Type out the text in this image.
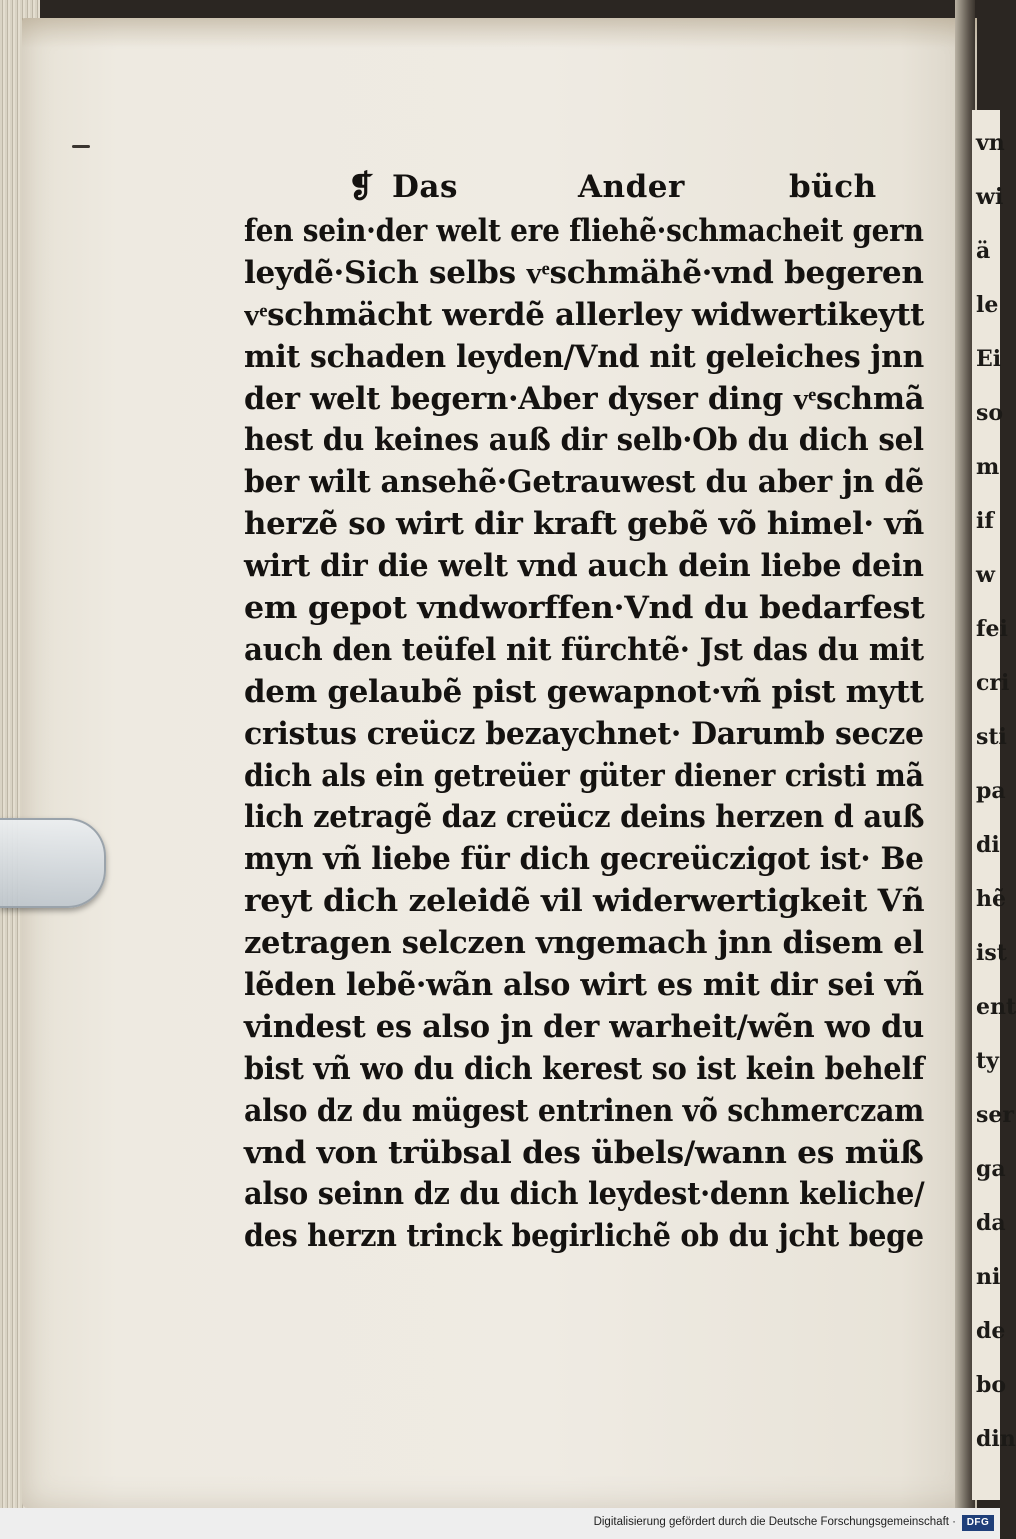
vn
wi
ä
le
Ei
so
m
if
w
fei
cri
sti
pa
di
hẽ
ist
ent
ty
ser
ga
da
ni
de
bo
din
❡ Das	Ander	büch
fen sein·der welt ere fliehẽ·schmacheit gern
leydẽ·Sich selbs vͤschmähẽ·vnd begeren
vͤschmächt werdẽ allerley widwertikeytt
mit schaden leyden/Vnd nit geleiches jnn
der welt begern·Aber dyser ding vͤschmã
hest du keines auß dir selb·Ob du dich sel
ber wilt ansehẽ·Getrauwest du aber jn dẽ
herzẽ so wirt dir kraft gebẽ võ himel· vñ
wirt dir die welt vnd auch dein liebe dein
em gepot vndworffen·Vnd du bedarfest
auch den teüfel nit fürchtẽ· Jst das du mit
dem gelaubẽ pist gewapnot·vñ pist mytt
cristus creücz bezaychnet· Darumb secze
dich als ein getreüer güter diener cristi mã
lich zetragẽ daz creücz deins herzen d auß
myn vñ liebe für dich gecreüczigot ist· Be
reyt dich zeleidẽ vil widerwertigkeit Vñ
zetragen selczen vngemach jnn disem el
lẽden lebẽ·wãn also wirt es mit dir sei vñ
vindest es also jn der warheit/wẽn wo du
bist vñ wo du dich kerest so ist kein behelf
also dz du mügest entrinen võ schmerczam
vnd von trübsal des übels/wann es müß
also seinn dz du dich leydest·denn keliche/
des herzn trinck begirlichẽ ob du jcht bege
Digitalisierung gefördert durch die Deutsche Forschungsgemeinschaft ·	DFG
